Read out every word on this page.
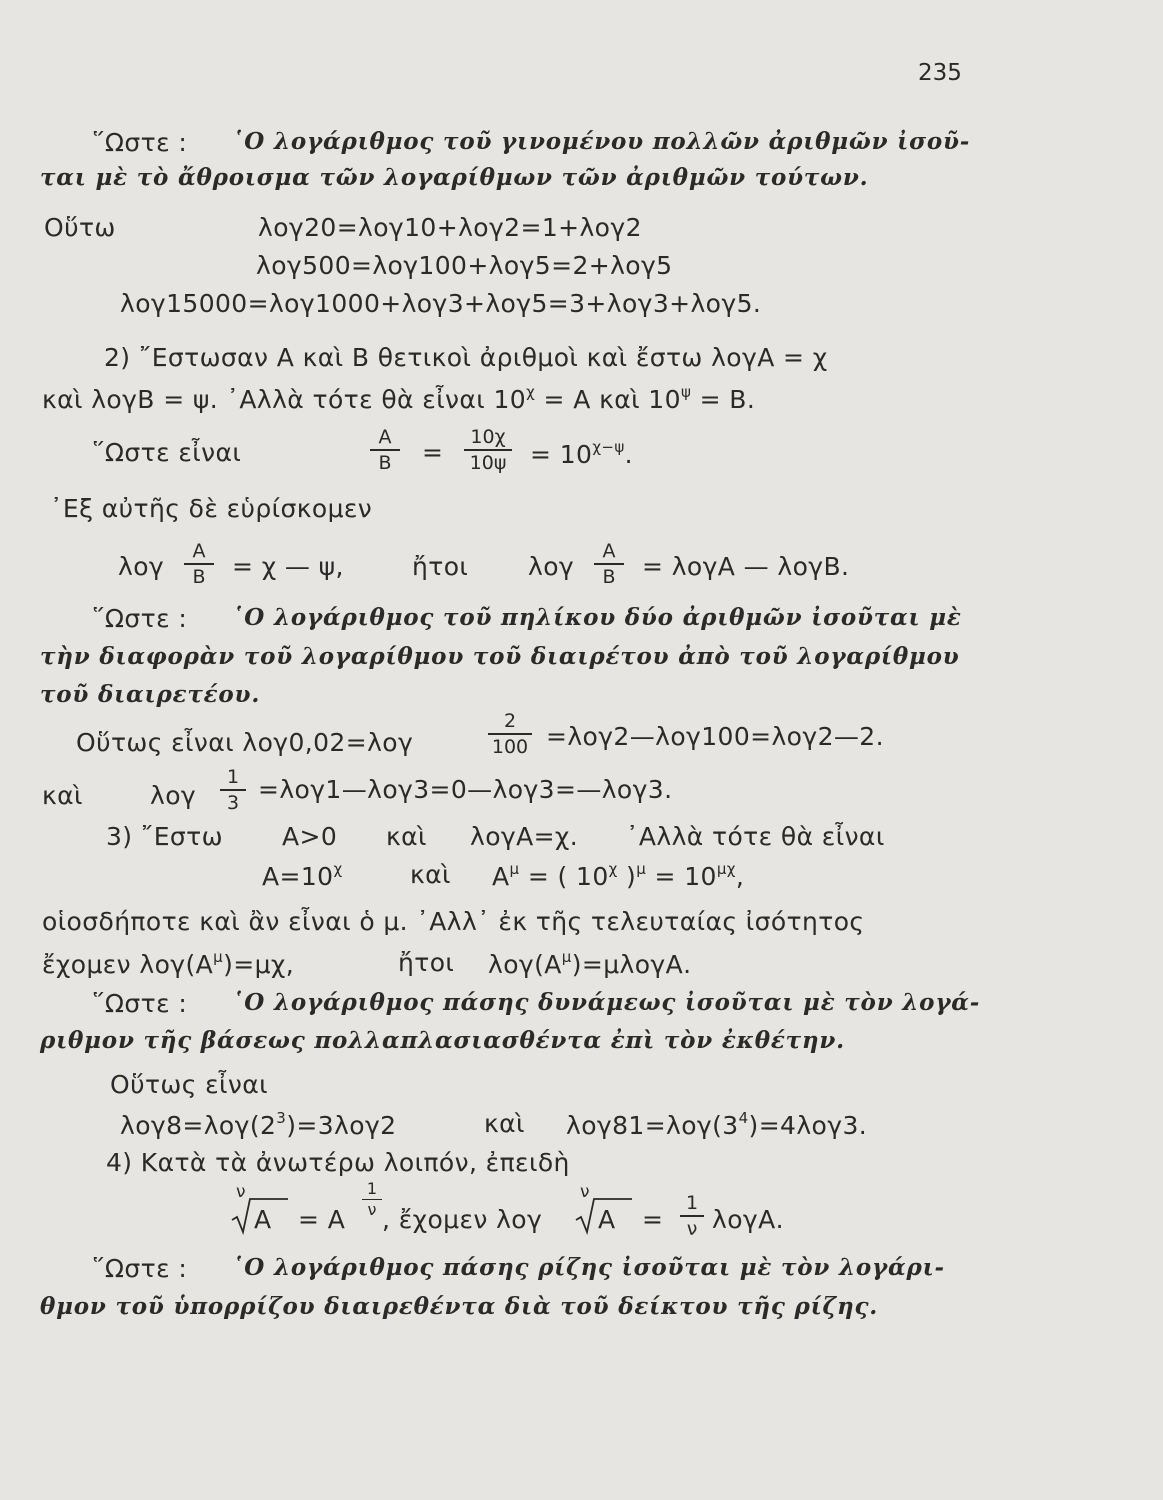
235
῞Ωστε : ῾Ο λογάριθμος τοῦ γινομένου πολλῶν ἀριθμῶν ἰσοῦ-
ται μὲ τὸ ἄθροισμα τῶν λογαρίθμων τῶν ἀριθμῶν τούτων.
Οὕτω	λογ20=λογ10+λογ2=1+λογ2
λογ500=λογ100+λογ5=2+λογ5
λογ15000=λογ1000+λογ3+λογ5=3+λογ3+λογ5.
2) ῎Εστωσαν Α καὶ Β θετικοὶ ἀριθμοὶ καὶ ἔστω λογΑ = χ
καὶ λογΒ = ψ. ᾿Αλλὰ τότε θὰ εἶναι $10^\chi = A$ καὶ $10^\psi = B$.
῞Ωστε εἶναι
Α
Β	=
10χ
$10\psi = 10^{\chi-\psi}$.
᾿Εξ αὐτῆς δὲ εὑρίσκομεν
λογ
Α
Β	= χ — ψ,	ἤτοι λογ
Α
Β	= λογΑ — λογΒ.
῞Ωστε : ῾Ο λογάριθμος τοῦ πηλίκου δύο ἀριθμῶν ἰσοῦται μὲ
τὴν διαφορὰν τοῦ λογαρίθμου τοῦ διαιρέτου ἀπὸ τοῦ λογαρίθμου
τοῦ διαιρετέου.
Οὕτως εἶναι λογ0,02=λογ
2
100 =λογ2—λογ100=λογ2—2.
καὶ	λογ
1
3 =λογ1—λογ3=0—λογ3=—λογ3.
3) ῎Εστω Α>0 καὶ λογΑ=χ. ᾿Αλλὰ τότε θὰ εἶναι
$A=10^\chi$	καὶ $A^\mu$ = ( $10^\chi$ )$^\mu = 10^{\mu\chi}$,
οἱοσδήποτε καὶ ἂν εἶναι ὁ μ. ᾿Αλλ᾿ ἐκ τῆς τελευταίας ἰσότητος
ἔχομεν $\lambda o\gamma(A^\mu)=\mu\chi$,	ἤτοι $\lambda o\gamma(A^\mu)=\mu\lambda o\gamma A$.
῞Ωστε : ῾Ο λογάριθμος πάσης δυνάμεως ἰσοῦται μὲ τὸν λογά-
ριθμον τῆς βάσεως πολλαπλασιασθέντα ἐπὶ τὸν ἐκθέτην.
Οὕτως εἶναι
$\lambda o\gamma 8=\lambda o\gamma(2^3)=3\lambda o\gamma 2$	καὶ $\lambda o\gamma 81=\lambda o\gamma(3^4)=4\lambda o\gamma 3$.
4) Κατὰ τὰ ἀνωτέρω λοιπόν, ἐπειδὴ
ν
Α = Α
1
ν , ἔχομεν λογ
ν
Α =
1
ν λογΑ.
῞Ωστε : ῾Ο λογάριθμος πάσης ρίζης ἰσοῦται μὲ τὸν λογάρι-
θμον τοῦ ὑπορρίζου διαιρεθέντα διὰ τοῦ δείκτου τῆς ρίζης.
